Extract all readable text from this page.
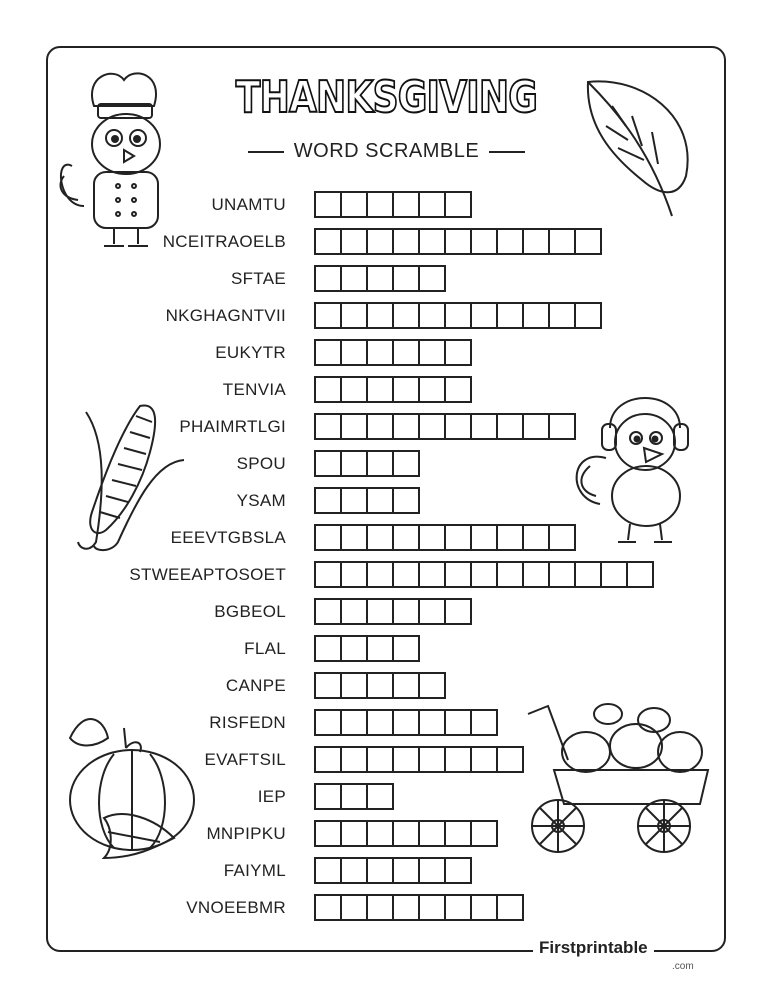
THANKSGIVING
WORD SCRAMBLE
UNAMTU
NCEITRAOELB
SFTAE
NKGHAGNTVII
EUKYTR
TENVIA
PHAIMRTLGI
SPOU
YSAM
EEEVTGBSLA
STWEEAPTOSOET
BGBEOL
FLAL
CANPE
RISFEDN
EVAFTSIL
IEP
MNPIPKU
FAIYML
VNOEEBMR
Firstprintable
.com
